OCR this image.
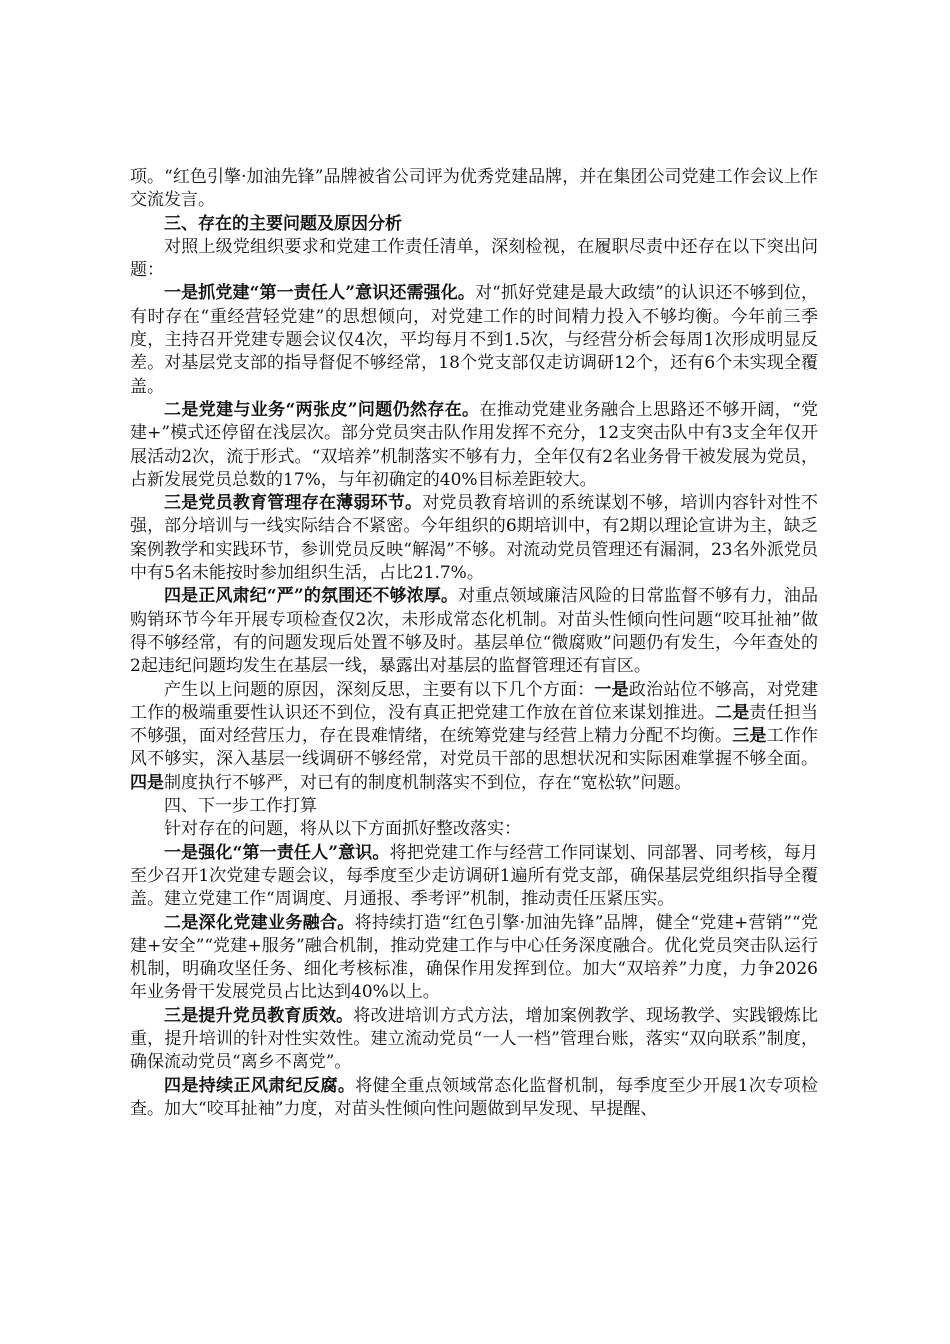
项。“红色引擎·加油先锋”品牌被省公司评为优秀党建品牌，并在集团公司党建工作会议上作交流发言。

三、存在的主要问题及原因分析

对照上级党组织要求和党建工作责任清单，深刻检视，在履职尽责中还存在以下突出问题：

一是抓党建“第一责任人”意识还需强化。对“抓好党建是最大政绩”的认识还不够到位，有时存在“重经营轻党建”的思想倾向，对党建工作的时间精力投入不够均衡。今年前三季度，主持召开党建专题会议仅4次，平均每月不到1.5次，与经营分析会每周1次形成明显反差。对基层党支部的指导督促不够经常，18个党支部仅走访调研12个，还有6个未实现全覆盖。

二是党建与业务“两张皮”问题仍然存在。在推动党建业务融合上思路还不够开阔，“党建+”模式还停留在浅层次。部分党员突击队作用发挥不充分，12支突击队中有3支全年仅开展活动2次，流于形式。“双培养”机制落实不够有力，全年仅有2名业务骨干被发展为党员，占新发展党员总数的17%，与年初确定的40%目标差距较大。

三是党员教育管理存在薄弱环节。对党员教育培训的系统谋划不够，培训内容针对性不强，部分培训与一线实际结合不紧密。今年组织的6期培训中，有2期以理论宣讲为主，缺乏案例教学和实践环节，参训党员反映“解渴”不够。对流动党员管理还有漏洞，23名外派党员中有5名未能按时参加组织生活，占比21.7%。

四是正风肃纪“严”的氛围还不够浓厚。对重点领域廉洁风险的日常监督不够有力，油品购销环节今年开展专项检查仅2次，未形成常态化机制。对苗头性倾向性问题“咬耳扯袖”做得不够经常，有的问题发现后处置不够及时。基层单位“微腐败”问题仍有发生，今年查处的2起违纪问题均发生在基层一线，暴露出对基层的监督管理还有盲区。

产生以上问题的原因，深刻反思，主要有以下几个方面：一是政治站位不够高，对党建工作的极端重要性认识还不到位，没有真正把党建工作放在首位来谋划推进。二是责任担当不够强，面对经营压力，存在畏难情绪，在统筹党建与经营上精力分配不均衡。三是工作作风不够实，深入基层一线调研不够经常，对党员干部的思想状况和实际困难掌握不够全面。四是制度执行不够严，对已有的制度机制落实不到位，存在“宽松软”问题。

四、下一步工作打算

针对存在的问题，将从以下方面抓好整改落实：

一是强化“第一责任人”意识。将把党建工作与经营工作同谋划、同部署、同考核，每月至少召开1次党建专题会议，每季度至少走访调研1遍所有党支部，确保基层党组织指导全覆盖。建立党建工作“周调度、月通报、季考评”机制，推动责任压紧压实。

二是深化党建业务融合。将持续打造“红色引擎·加油先锋”品牌，健全“党建+营销”“党建+安全”“党建+服务”融合机制，推动党建工作与中心任务深度融合。优化党员突击队运行机制，明确攻坚任务、细化考核标准，确保作用发挥到位。加大“双培养”力度，力争2026年业务骨干发展党员占比达到40%以上。

三是提升党员教育质效。将改进培训方式方法，增加案例教学、现场教学、实践锻炼比重，提升培训的针对性实效性。建立流动党员“一人一档”管理台账，落实“双向联系”制度，确保流动党员“离乡不离党”。

四是持续正风肃纪反腐。将健全重点领域常态化监督机制，每季度至少开展1次专项检查。加大“咬耳扯袖”力度，对苗头性倾向性问题做到早发现、早提醒、
